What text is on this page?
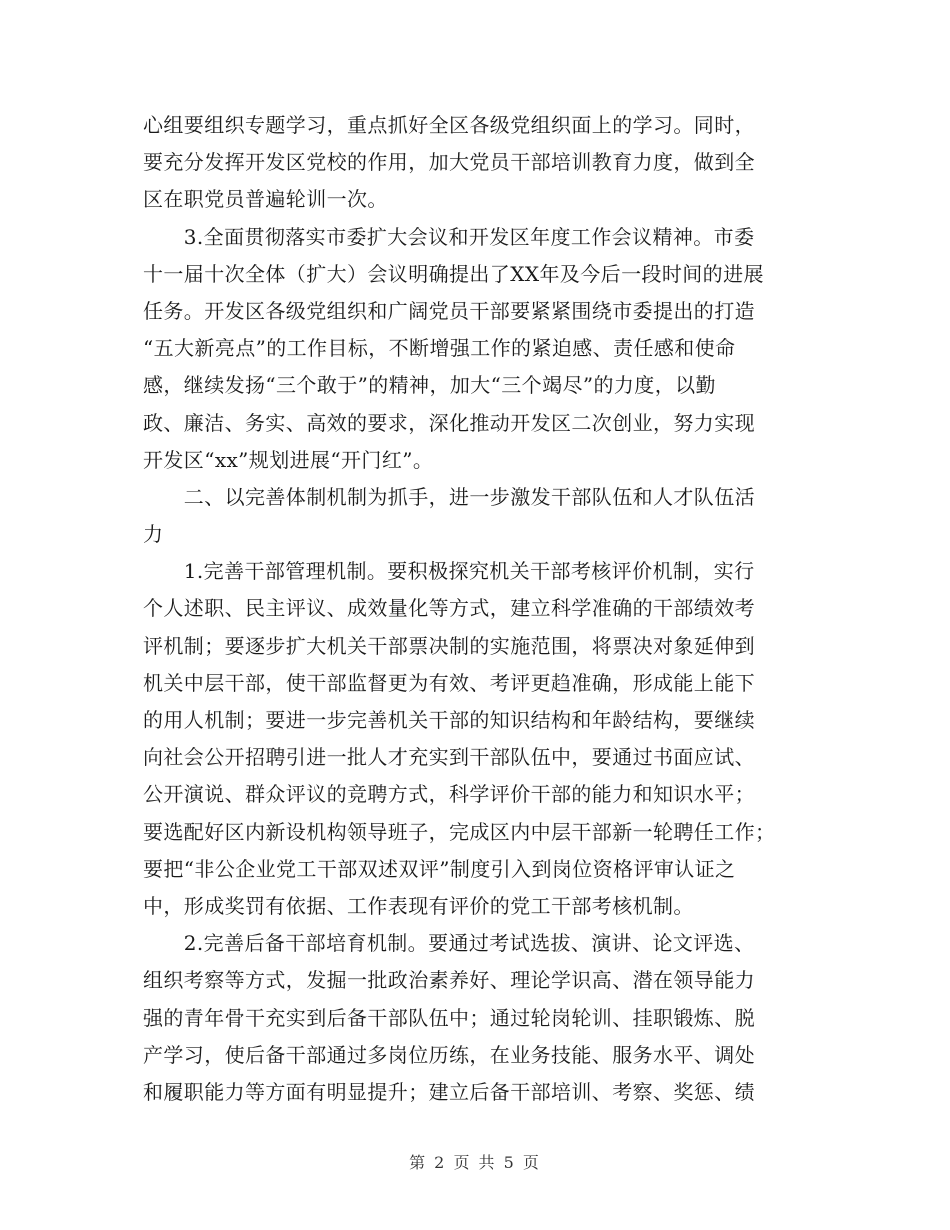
心组要组织专题学习，重点抓好全区各级党组织面上的学习。同时，
要充分发挥开发区党校的作用，加大党员干部培训教育力度，做到全
区在职党员普遍轮训一次。
　　3.全面贯彻落实市委扩大会议和开发区年度工作会议精神。市委
十一届十次全体（扩大）会议明确提出了XX年及今后一段时间的进展
任务。开发区各级党组织和广阔党员干部要紧紧围绕市委提出的打造
“五大新亮点”的工作目标，不断增强工作的紧迫感、责任感和使命
感，继续发扬“三个敢于”的精神，加大“三个竭尽”的力度，以勤
政、廉洁、务实、高效的要求，深化推动开发区二次创业，努力实现
开发区“xx”规划进展“开门红”。
　　二、以完善体制机制为抓手，进一步激发干部队伍和人才队伍活
力
　　1.完善干部管理机制。要积极探究机关干部考核评价机制，实行
个人述职、民主评议、成效量化等方式，建立科学准确的干部绩效考
评机制；要逐步扩大机关干部票决制的实施范围，将票决对象延伸到
机关中层干部，使干部监督更为有效、考评更趋准确，形成能上能下
的用人机制；要进一步完善机关干部的知识结构和年龄结构，要继续
向社会公开招聘引进一批人才充实到干部队伍中，要通过书面应试、
公开演说、群众评议的竞聘方式，科学评价干部的能力和知识水平；
要选配好区内新设机构领导班子，完成区内中层干部新一轮聘任工作；
要把“非公企业党工干部双述双评”制度引入到岗位资格评审认证之
中，形成奖罚有依据、工作表现有评价的党工干部考核机制。
　　2.完善后备干部培育机制。要通过考试选拔、演讲、论文评选、
组织考察等方式，发掘一批政治素养好、理论学识高、潜在领导能力
强的青年骨干充实到后备干部队伍中；通过轮岗轮训、挂职锻炼、脱
产学习，使后备干部通过多岗位历练，在业务技能、服务水平、调处
和履职能力等方面有明显提升；建立后备干部培训、考察、奖惩、绩
第 2 页 共 5 页
